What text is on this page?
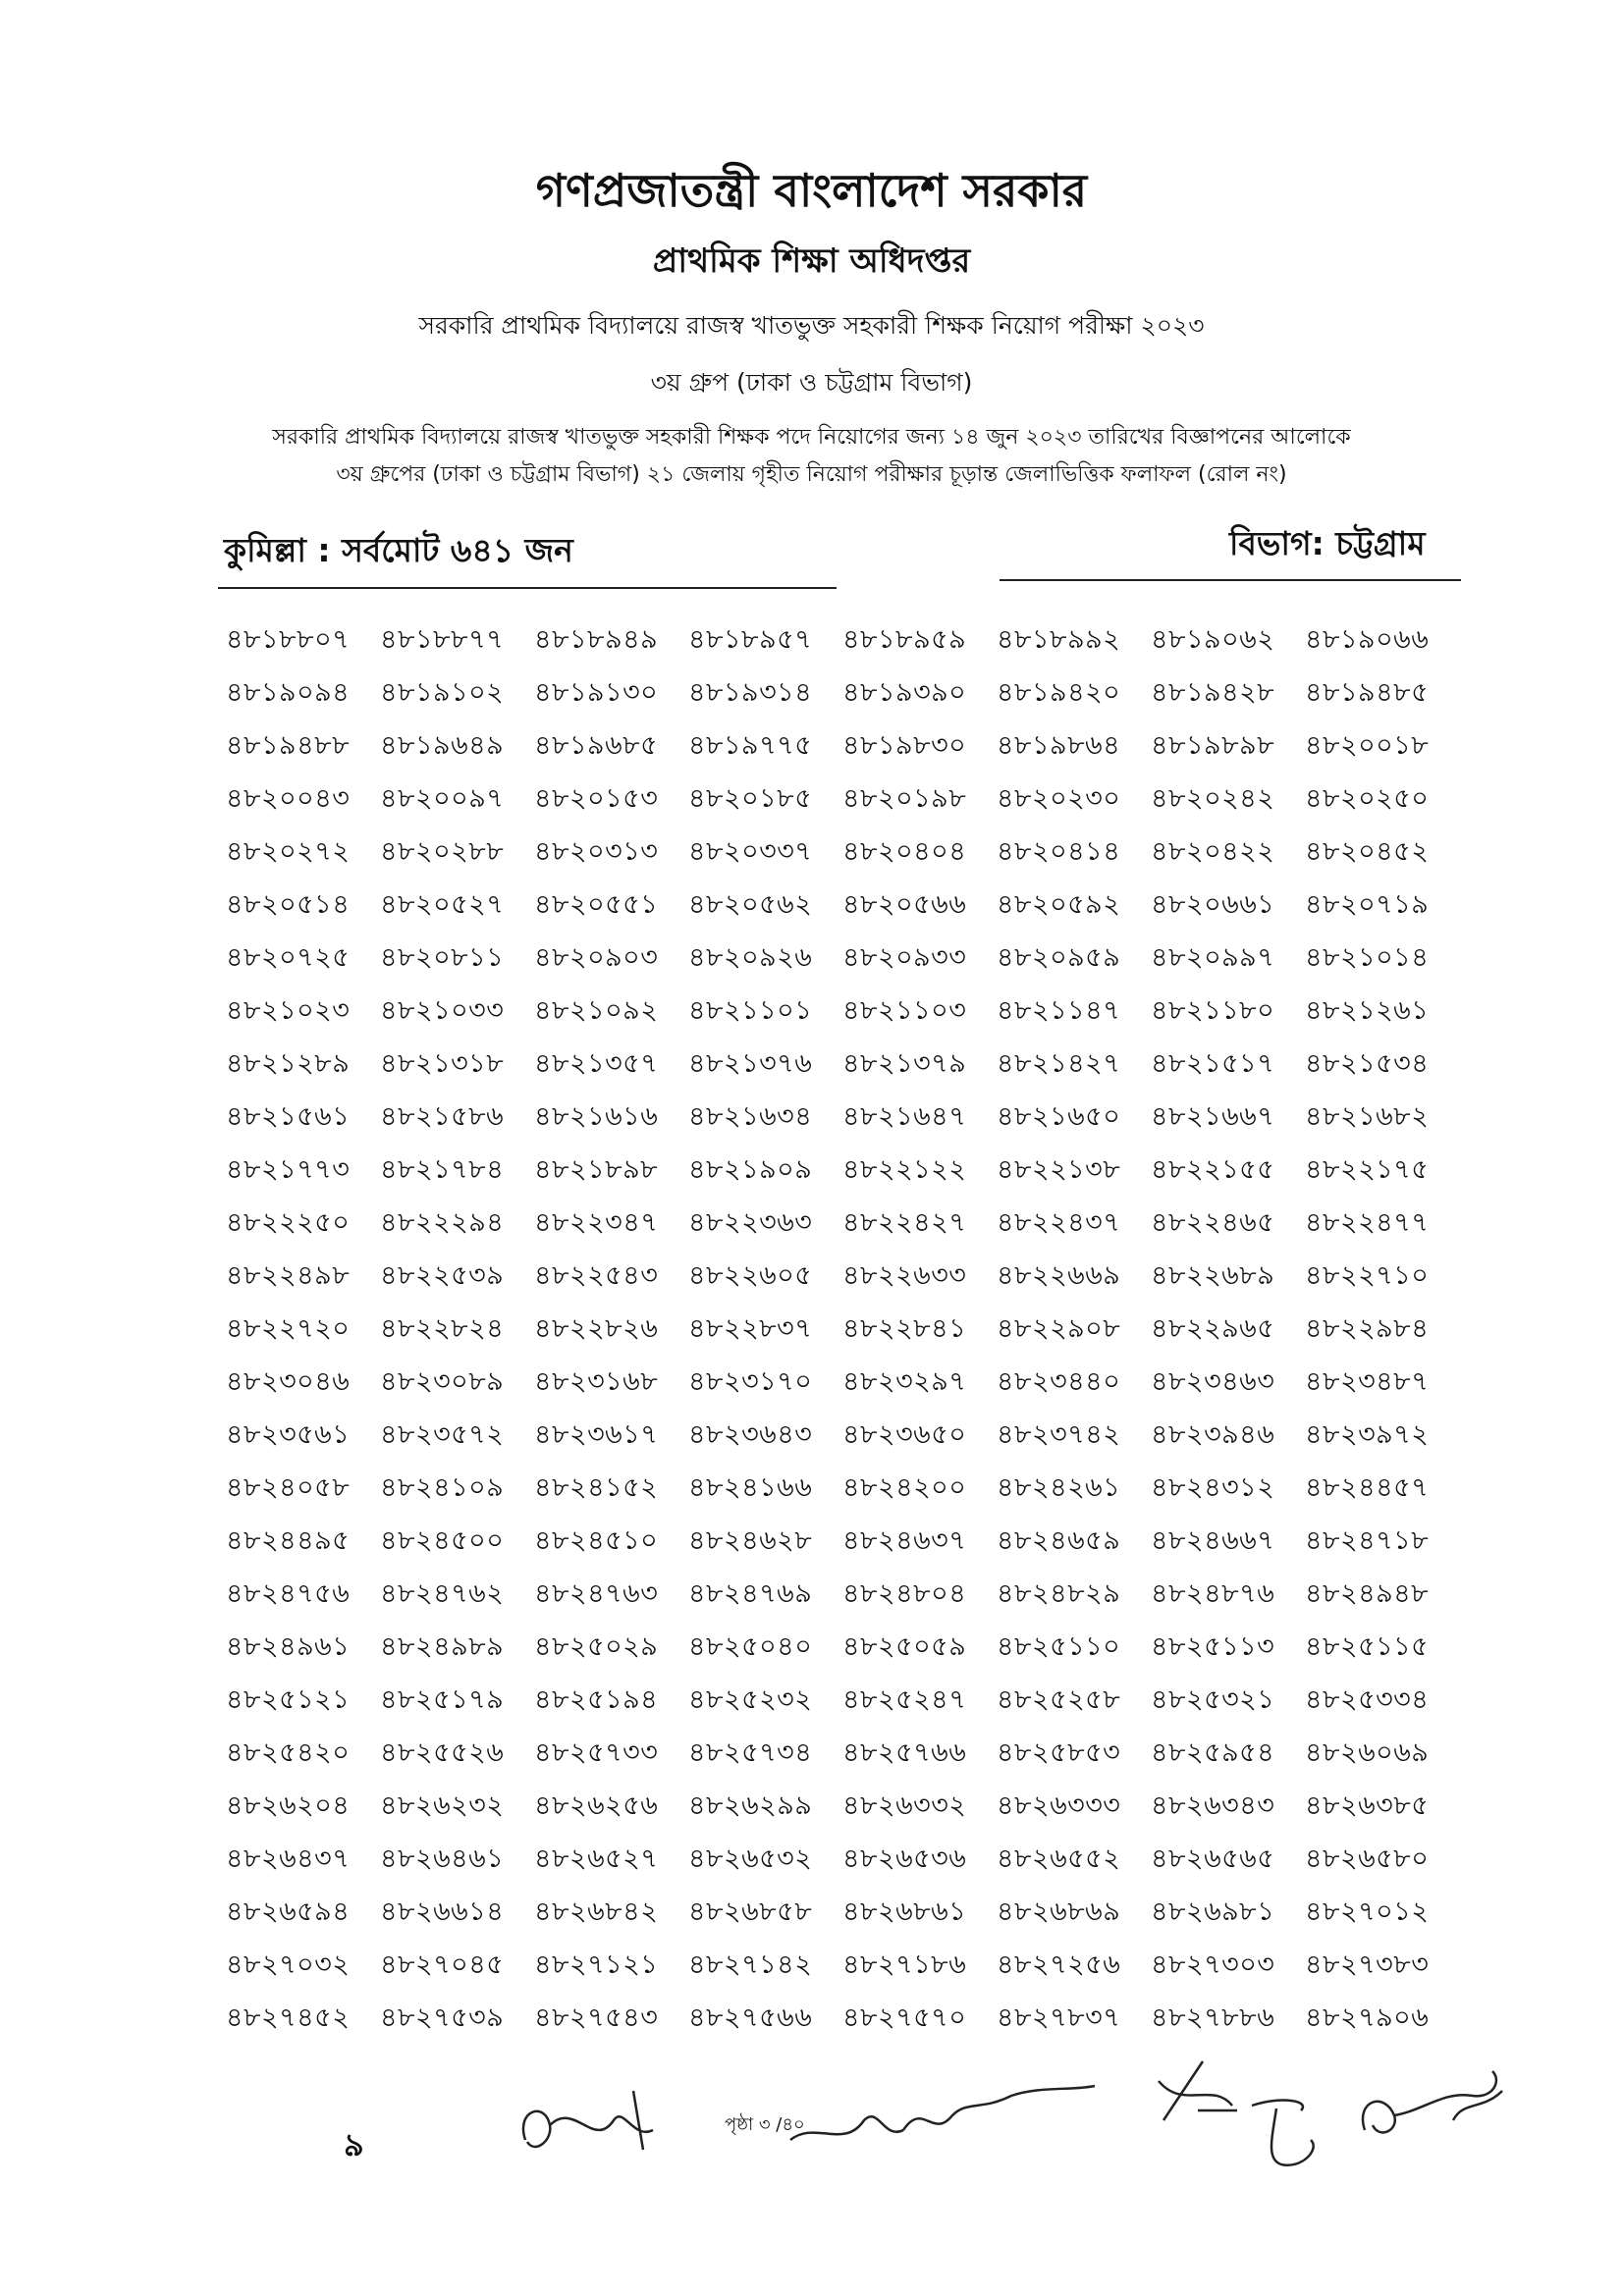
গণপ্রজাতন্ত্রী বাংলাদেশ সরকার
প্রাথমিক শিক্ষা অধিদপ্তর
সরকারি প্রাথমিক বিদ্যালয়ে রাজস্ব খাতভুক্ত সহকারী শিক্ষক নিয়োগ পরীক্ষা ২০২৩
৩য় গ্রুপ (ঢাকা ও চট্টগ্রাম বিভাগ)
সরকারি প্রাথমিক বিদ্যালয়ে রাজস্ব খাতভুক্ত সহকারী শিক্ষক পদে নিয়োগের জন্য ১৪ জুন ২০২৩ তারিখের বিজ্ঞাপনের আলোকে
৩য় গ্রুপের (ঢাকা ও চট্টগ্রাম বিভাগ) ২১ জেলায় গৃহীত নিয়োগ পরীক্ষার চূড়ান্ত জেলাভিত্তিক ফলাফল (রোল নং)
কুমিল্লা : সর্বমোট ৬৪১ জন	বিভাগ: চট্টগ্রাম
৪৮১৮৮০৭	৪৮১৮৮৭৭	৪৮১৮৯৪৯	৪৮১৮৯৫৭	৪৮১৮৯৫৯	৪৮১৮৯৯২	৪৮১৯০৬২	৪৮১৯০৬৬
৪৮১৯০৯৪	৪৮১৯১০২	৪৮১৯১৩০	৪৮১৯৩১৪	৪৮১৯৩৯০	৪৮১৯৪২০	৪৮১৯৪২৮	৪৮১৯৪৮৫
৪৮১৯৪৮৮	৪৮১৯৬৪৯	৪৮১৯৬৮৫	৪৮১৯৭৭৫	৪৮১৯৮৩০	৪৮১৯৮৬৪	৪৮১৯৮৯৮	৪৮২০০১৮
৪৮২০০৪৩	৪৮২০০৯৭	৪৮২০১৫৩	৪৮২০১৮৫	৪৮২০১৯৮	৪৮২০২৩০	৪৮২০২৪২	৪৮২০২৫০
৪৮২০২৭২	৪৮২০২৮৮	৪৮২০৩১৩	৪৮২০৩৩৭	৪৮২০৪০৪	৪৮২০৪১৪	৪৮২০৪২২	৪৮২০৪৫২
৪৮২০৫১৪	৪৮২০৫২৭	৪৮২০৫৫১	৪৮২০৫৬২	৪৮২০৫৬৬	৪৮২০৫৯২	৪৮২০৬৬১	৪৮২০৭১৯
৪৮২০৭২৫	৪৮২০৮১১	৪৮২০৯০৩	৪৮২০৯২৬	৪৮২০৯৩৩	৪৮২০৯৫৯	৪৮২০৯৯৭	৪৮২১০১৪
৪৮২১০২৩	৪৮২১০৩৩	৪৮২১০৯২	৪৮২১১০১	৪৮২১১০৩	৪৮২১১৪৭	৪৮২১১৮০	৪৮২১২৬১
৪৮২১২৮৯	৪৮২১৩১৮	৪৮২১৩৫৭	৪৮২১৩৭৬	৪৮২১৩৭৯	৪৮২১৪২৭	৪৮২১৫১৭	৪৮২১৫৩৪
৪৮২১৫৬১	৪৮২১৫৮৬	৪৮২১৬১৬	৪৮২১৬৩৪	৪৮২১৬৪৭	৪৮২১৬৫০	৪৮২১৬৬৭	৪৮২১৬৮২
৪৮২১৭৭৩	৪৮২১৭৮৪	৪৮২১৮৯৮	৪৮২১৯০৯	৪৮২২১২২	৪৮২২১৩৮	৪৮২২১৫৫	৪৮২২১৭৫
৪৮২২২৫০	৪৮২২২৯৪	৪৮২২৩৪৭	৪৮২২৩৬৩	৪৮২২৪২৭	৪৮২২৪৩৭	৪৮২২৪৬৫	৪৮২২৪৭৭
৪৮২২৪৯৮	৪৮২২৫৩৯	৪৮২২৫৪৩	৪৮২২৬০৫	৪৮২২৬৩৩	৪৮২২৬৬৯	৪৮২২৬৮৯	৪৮২২৭১০
৪৮২২৭২০	৪৮২২৮২৪	৪৮২২৮২৬	৪৮২২৮৩৭	৪৮২২৮৪১	৪৮২২৯০৮	৪৮২২৯৬৫	৪৮২২৯৮৪
৪৮২৩০৪৬	৪৮২৩০৮৯	৪৮২৩১৬৮	৪৮২৩১৭০	৪৮২৩২৯৭	৪৮২৩৪৪০	৪৮২৩৪৬৩	৪৮২৩৪৮৭
৪৮২৩৫৬১	৪৮২৩৫৭২	৪৮২৩৬১৭	৪৮২৩৬৪৩	৪৮২৩৬৫০	৪৮২৩৭৪২	৪৮২৩৯৪৬	৪৮২৩৯৭২
৪৮২৪০৫৮	৪৮২৪১০৯	৪৮২৪১৫২	৪৮২৪১৬৬	৪৮২৪২০০	৪৮২৪২৬১	৪৮২৪৩১২	৪৮২৪৪৫৭
৪৮২৪৪৯৫	৪৮২৪৫০০	৪৮২৪৫১০	৪৮২৪৬২৮	৪৮২৪৬৩৭	৪৮২৪৬৫৯	৪৮২৪৬৬৭	৪৮২৪৭১৮
৪৮২৪৭৫৬	৪৮২৪৭৬২	৪৮২৪৭৬৩	৪৮২৪৭৬৯	৪৮২৪৮০৪	৪৮২৪৮২৯	৪৮২৪৮৭৬	৪৮২৪৯৪৮
৪৮২৪৯৬১	৪৮২৪৯৮৯	৪৮২৫০২৯	৪৮২৫০৪০	৪৮২৫০৫৯	৪৮২৫১১০	৪৮২৫১১৩	৪৮২৫১১৫
৪৮২৫১২১	৪৮২৫১৭৯	৪৮২৫১৯৪	৪৮২৫২৩২	৪৮২৫২৪৭	৪৮২৫২৫৮	৪৮২৫৩২১	৪৮২৫৩৩৪
৪৮২৫৪২০	৪৮২৫৫২৬	৪৮২৫৭৩৩	৪৮২৫৭৩৪	৪৮২৫৭৬৬	৪৮২৫৮৫৩	৪৮২৫৯৫৪	৪৮২৬০৬৯
৪৮২৬২০৪	৪৮২৬২৩২	৪৮২৬২৫৬	৪৮২৬২৯৯	৪৮২৬৩৩২	৪৮২৬৩৩৩	৪৮২৬৩৪৩	৪৮২৬৩৮৫
৪৮২৬৪৩৭	৪৮২৬৪৬১	৪৮২৬৫২৭	৪৮২৬৫৩২	৪৮২৬৫৩৬	৪৮২৬৫৫২	৪৮২৬৫৬৫	৪৮২৬৫৮০
৪৮২৬৫৯৪	৪৮২৬৬১৪	৪৮২৬৮৪২	৪৮২৬৮৫৮	৪৮২৬৮৬১	৪৮২৬৮৬৯	৪৮২৬৯৮১	৪৮২৭০১২
৪৮২৭০৩২	৪৮২৭০৪৫	৪৮২৭১২১	৪৮২৭১৪২	৪৮২৭১৮৬	৪৮২৭২৫৬	৪৮২৭৩০৩	৪৮২৭৩৮৩
৪৮২৭৪৫২	৪৮২৭৫৩৯	৪৮২৭৫৪৩	৪৮২৭৫৬৬	৪৮২৭৫৭০	৪৮২৭৮৩৭	৪৮২৭৮৮৬	৪৮২৭৯০৬
৯
পৃষ্ঠা ৩ /৪০
